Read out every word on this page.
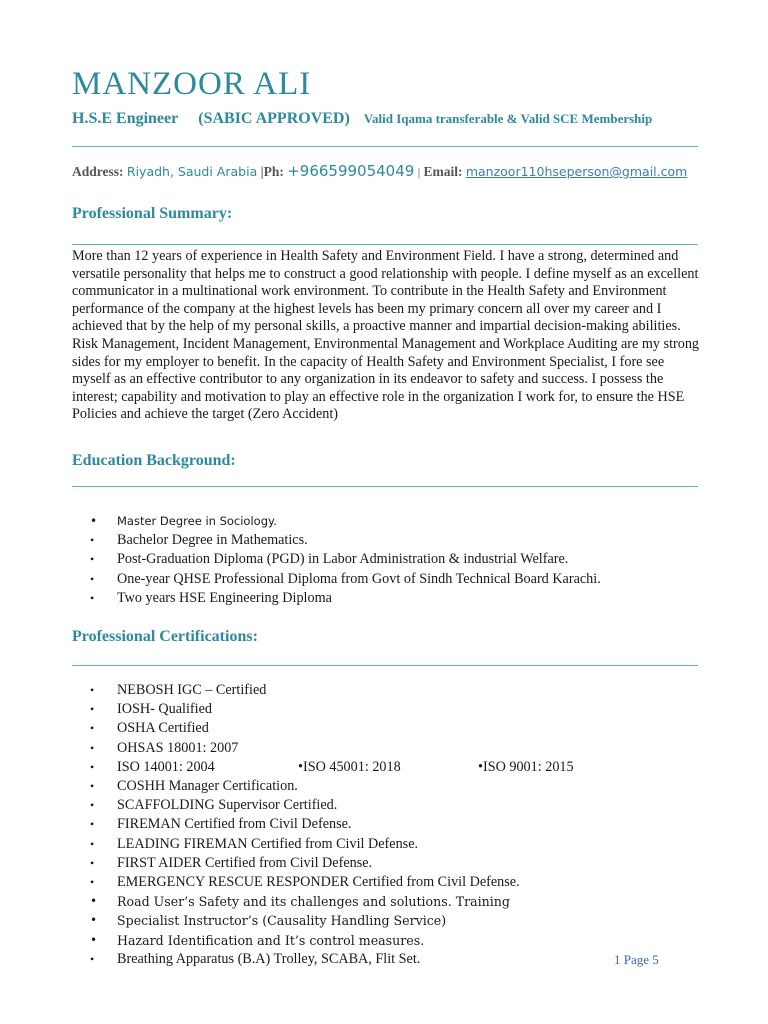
MANZOOR ALI
H.S.E Engineer (SABIC APPROVED) Valid Iqama transferable & Valid SCE Membership
Address: Riyadh, Saudi Arabia |Ph: +966599054049 | Email: manzoor110hseperson@gmail.com
Professional Summary:

More than 12 years of experience in Health Safety and Environment Field. I have a strong, determined and versatile personality that helps me to construct a good relationship with people. I define myself as an excellent communicator in a multinational work environment. To contribute in the Health Safety and Environment performance of the company at the highest levels has been my primary concern all over my career and I achieved that by the help of my personal skills, a proactive manner and impartial decision-making abilities. Risk Management, Incident Management, Environmental Management and Workplace Auditing are my strong sides for my employer to benefit. In the capacity of Health Safety and Environment Specialist, I fore see myself as an effective contributor to any organization in its endeavor to safety and success. I possess the interest; capability and motivation to play an effective role in the organization I work for, to ensure the HSE Policies and achieve the target (Zero Accident)

Education Background:
• Master Degree in Sociology.
• Bachelor Degree in Mathematics.
• Post-Graduation Diploma (PGD) in Labor Administration & industrial Welfare.
• One-year QHSE Professional Diploma from Govt of Sindh Technical Board Karachi.
• Two years HSE Engineering Diploma
Professional Certifications:
• NEBOSH IGC – Certified
• IOSH- Qualified
• OSHA Certified
• OHSAS 18001: 2007
• ISO 14001: 2004	•ISO 45001: 2018	•ISO 9001: 2015
• COSHH Manager Certification.
• SCAFFOLDING Supervisor Certified.
• FIREMAN Certified from Civil Defense.
• LEADING FIREMAN Certified from Civil Defense.
• FIRST AIDER Certified from Civil Defense.
• EMERGENCY RESCUE RESPONDER Certified from Civil Defense.
• Road User’s Safety and its challenges and solutions. Training
• Specialist Instructor’s (Causality Handling Service)
• Hazard Identification and It’s control measures.
• Breathing Apparatus (B.A) Trolley, SCABA, Flit Set.	1 Page 5
